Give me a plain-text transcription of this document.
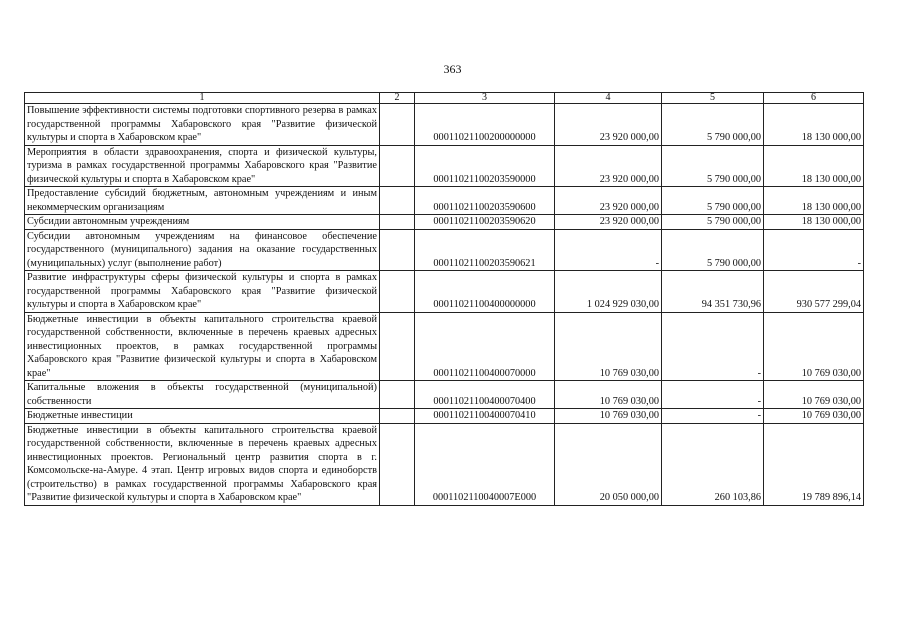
363
1	2	3	4	5	6
Повышение эффективности системы подготовки спортивного резерва в рамках государственной программы Хабаровского края "Развитие физической культуры и спорта в Хабаровском крае"		00011021100200000000	23 920 000,00	5 790 000,00	18 130 000,00
Мероприятия в области здравоохранения, спорта и физической культуры, туризма в рамках государственной программы Хабаровского края "Развитие физической культуры и спорта в Хабаровском крае"		00011021100203590000	23 920 000,00	5 790 000,00	18 130 000,00
Предоставление субсидий бюджетным, автономным учреждениям и иным некоммерческим организациям		00011021100203590600	23 920 000,00	5 790 000,00	18 130 000,00
Субсидии автономным учреждениям		00011021100203590620	23 920 000,00	5 790 000,00	18 130 000,00
Субсидии автономным учреждениям на финансовое обеспечение государственного (муниципального) задания на оказание государственных (муниципальных) услуг (выполнение работ)		00011021100203590621	-	5 790 000,00	-
Развитие инфраструктуры сферы физической культуры и спорта в рамках государственной программы Хабаровского края "Развитие физической культуры и спорта в Хабаровском крае"		00011021100400000000	1 024 929 030,00	94 351 730,96	930 577 299,04
Бюджетные инвестиции в объекты капитального строительства краевой государственной собственности, включенные в перечень краевых адресных инвестиционных проектов, в рамках государственной программы Хабаровского края "Развитие физической культуры и спорта в Хабаровском крае"		00011021100400070000	10 769 030,00	-	10 769 030,00
Капитальные вложения в объекты государственной (муниципальной) собственности		00011021100400070400	10 769 030,00	-	10 769 030,00
Бюджетные инвестиции		00011021100400070410	10 769 030,00	-	10 769 030,00
Бюджетные инвестиции в объекты капитального строительства краевой государственной собственности, включенные в перечень краевых адресных инвестиционных проектов. Региональный центр развития спорта в г. Комсомольске-на-Амуре. 4 этап. Центр игровых видов спорта и единоборств (строительство) в рамках государственной программы Хабаровского края "Развитие физической культуры и спорта в Хабаровском крае"		0001102110040007E000	20 050 000,00	260 103,86	19 789 896,14
